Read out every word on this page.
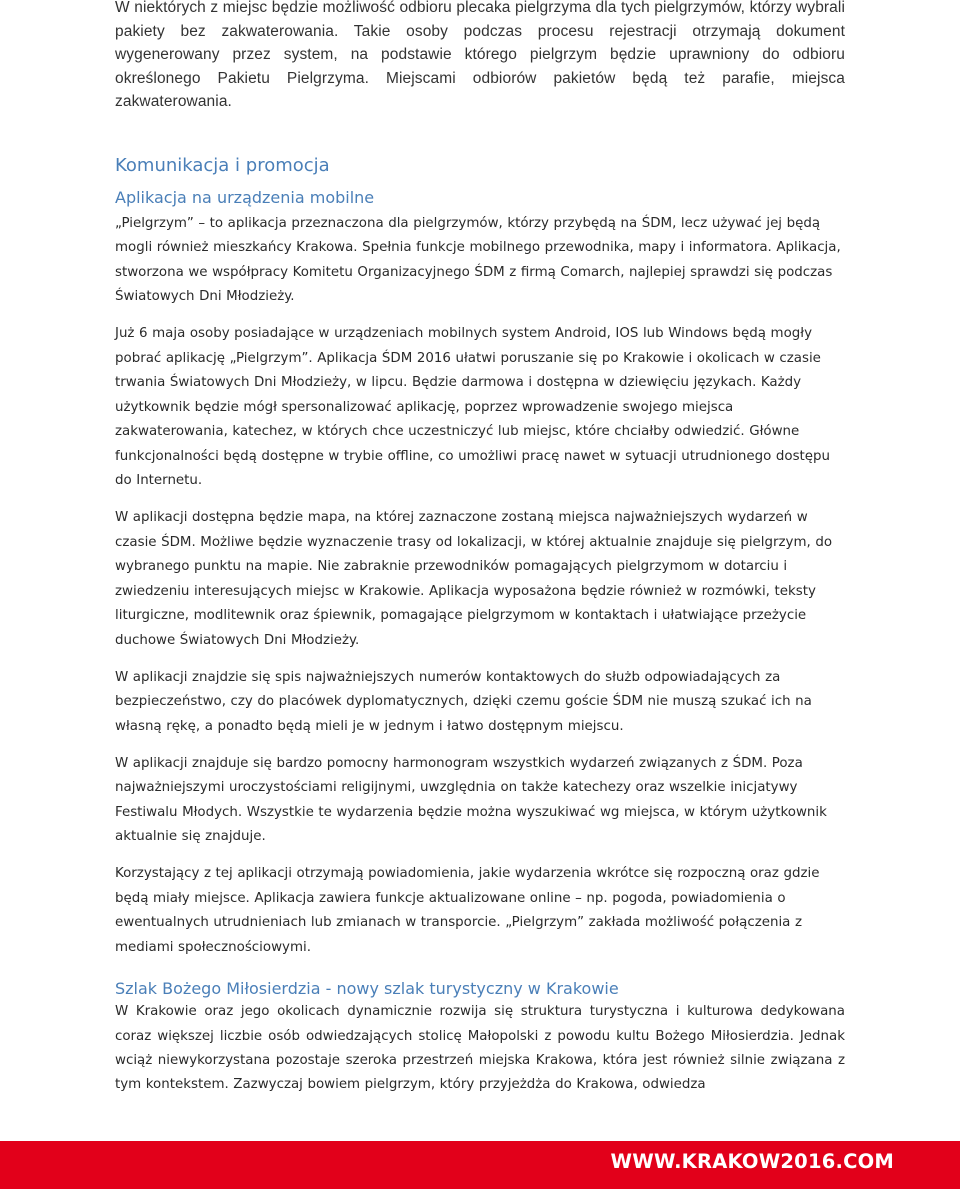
W niektórych z miejsc będzie możliwość odbioru plecaka pielgrzyma dla tych pielgrzymów, którzy wybrali pakiety bez zakwaterowania. Takie osoby podczas procesu rejestracji otrzymają dokument wygenerowany przez system, na podstawie którego pielgrzym będzie uprawniony do odbioru określonego Pakietu Pielgrzyma. Miejscami odbiorów pakietów będą też parafie, miejsca zakwaterowania.

Komunikacja i promocja
Aplikacja na urządzenia mobilne

„Pielgrzym” – to aplikacja przeznaczona dla pielgrzymów, którzy przybędą na ŚDM, lecz używać jej będą mogli również mieszkańcy Krakowa. Spełnia funkcje mobilnego przewodnika, mapy i informatora. Aplikacja, stworzona we współpracy Komitetu Organizacyjnego ŚDM z firmą Comarch, najlepiej sprawdzi się podczas Światowych Dni Młodzieży.

Już 6 maja osoby posiadające w urządzeniach mobilnych system Android, IOS lub Windows będą mogły pobrać aplikację „Pielgrzym”. Aplikacja ŚDM 2016 ułatwi poruszanie się po Krakowie i okolicach w czasie trwania Światowych Dni Młodzieży, w lipcu. Będzie darmowa i dostępna w dziewięciu językach. Każdy użytkownik będzie mógł spersonalizować aplikację, poprzez wprowadzenie swojego miejsca zakwaterowania, katechez, w których chce uczestniczyć lub miejsc, które chciałby odwiedzić. Główne funkcjonalności będą dostępne w trybie offline, co umożliwi pracę nawet w sytuacji utrudnionego dostępu do Internetu.

W aplikacji dostępna będzie mapa, na której zaznaczone zostaną miejsca najważniejszych wydarzeń w czasie ŚDM. Możliwe będzie wyznaczenie trasy od lokalizacji, w której aktualnie znajduje się pielgrzym, do wybranego punktu na mapie. Nie zabraknie przewodników pomagających pielgrzymom w dotarciu i zwiedzeniu interesujących miejsc w Krakowie. Aplikacja wyposażona będzie również w rozmówki, teksty liturgiczne, modlitewnik oraz śpiewnik, pomagające pielgrzymom w kontaktach i ułatwiające przeżycie duchowe Światowych Dni Młodzieży.

W aplikacji znajdzie się spis najważniejszych numerów kontaktowych do służb odpowiadających za bezpieczeństwo, czy do placówek dyplomatycznych, dzięki czemu goście ŚDM nie muszą szukać ich na własną rękę, a ponadto będą mieli je w jednym i łatwo dostępnym miejscu.

W aplikacji znajduje się bardzo pomocny harmonogram wszystkich wydarzeń związanych z ŚDM. Poza najważniejszymi uroczystościami religijnymi, uwzględnia on także katechezy oraz wszelkie inicjatywy Festiwalu Młodych. Wszystkie te wydarzenia będzie można wyszukiwać wg miejsca, w którym użytkownik aktualnie się znajduje.

Korzystający z tej aplikacji otrzymają powiadomienia, jakie wydarzenia wkrótce się rozpoczną oraz gdzie będą miały miejsce. Aplikacja zawiera funkcje aktualizowane online – np. pogoda, powiadomienia o ewentualnych utrudnieniach lub zmianach w transporcie. „Pielgrzym” zakłada możliwość połączenia z mediami społecznościowymi.

Szlak Bożego Miłosierdzia - nowy szlak turystyczny w Krakowie

W Krakowie oraz jego okolicach dynamicznie rozwija się struktura turystyczna i kulturowa dedykowana coraz większej liczbie osób odwiedzających stolicę Małopolski z powodu kultu Bożego Miłosierdzia. Jednak wciąż niewykorzystana pozostaje szeroka przestrzeń miejska Krakowa, która jest również silnie związana z tym kontekstem. Zazwyczaj bowiem pielgrzym, który przyjeżdża do Krakowa, odwiedza

WWW.KRAKOW2016.COM
